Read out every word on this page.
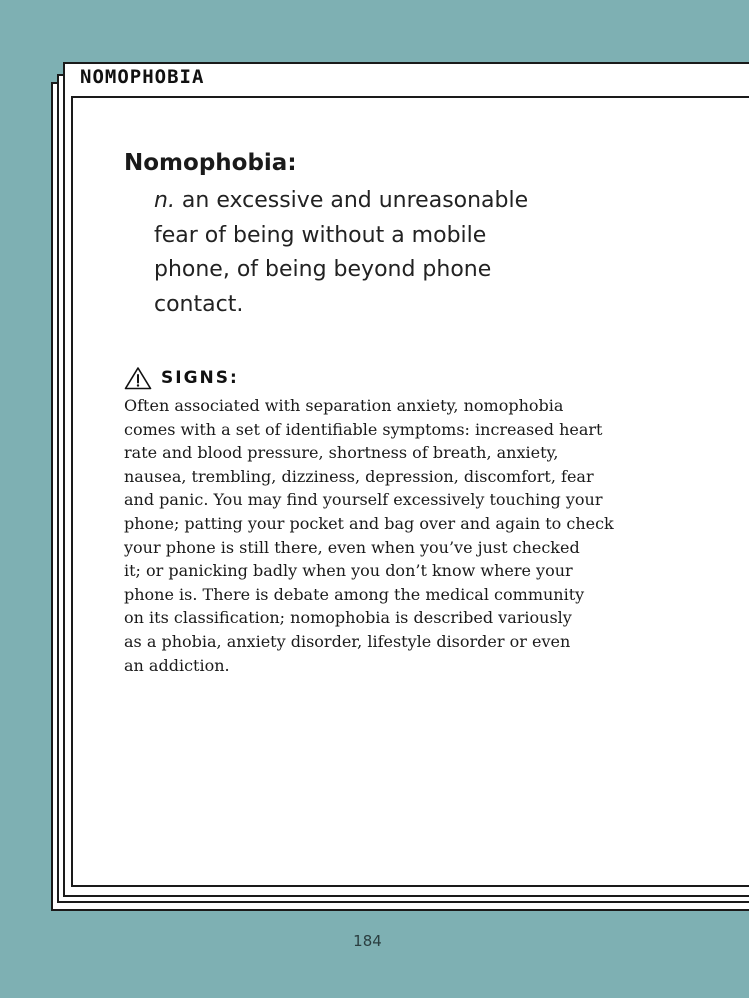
NOMOPHOBIA
Nomophobia:
n. an excessive and unreasonable
fear of being without a mobile
phone, of being beyond phone
contact.
SIGNS:
Often associated with separation anxiety, nomophobia
comes with a set of identifiable symptoms: increased heart
rate and blood pressure, shortness of breath, anxiety,
nausea, trembling, dizziness, depression, discomfort, fear
and panic. You may find yourself excessively touching your
phone; patting your pocket and bag over and again to check
your phone is still there, even when you’ve just checked
it; or panicking badly when you don’t know where your
phone is. There is debate among the medical community
on its classification; nomophobia is described variously
as a phobia, anxiety disorder, lifestyle disorder or even
an addiction.
184
